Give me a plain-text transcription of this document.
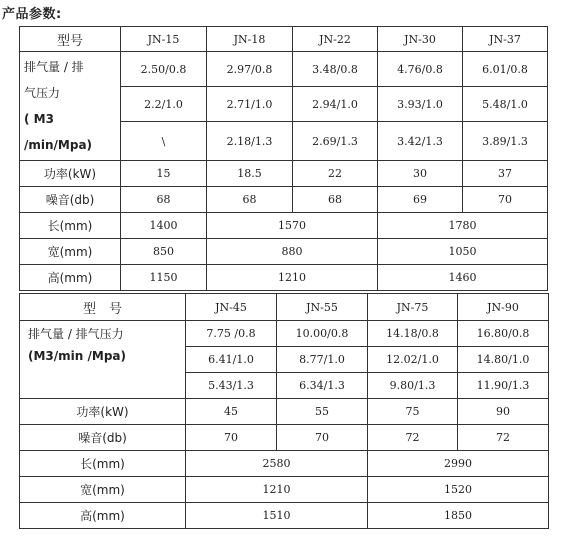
产品参数:
型号	JN-15	JN-18	JN-22	JN-30	JN-37
排气量 / 排
气压力
( M3
/min/Mpa)	2.50/0.8	2.97/0.8	3.48/0.8	4.76/0.8	6.01/0.8
	2.2/1.0	2.71/1.0	2.94/1.0	3.93/1.0	5.48/1.0
	\	2.18/1.3	2.69/1.3	3.42/1.3	3.89/1.3
功率(kW)	15	18.5	22	30	37
噪音(db)	68	68	68	69	70
长(mm)	1400	1570		1780	
宽(mm)	850	880		1050	
高(mm)	1150	1210		1460	
型　号	JN-45	JN-55	JN-75	JN-90
排气量 / 排气压力
(M3/min /Mpa)	7.75 /0.8	10.00/0.8	14.18/0.8	16.80/0.8
	6.41/1.0	8.77/1.0	12.02/1.0	14.80/1.0
	5.43/1.3	6.34/1.3	9.80/1.3	11.90/1.3
功率(kW)	45	55	75	90
噪音(db)	70	70	72	72
长(mm)	2580		2990	
宽(mm)	1210		1520	
高(mm)	1510		1850	
